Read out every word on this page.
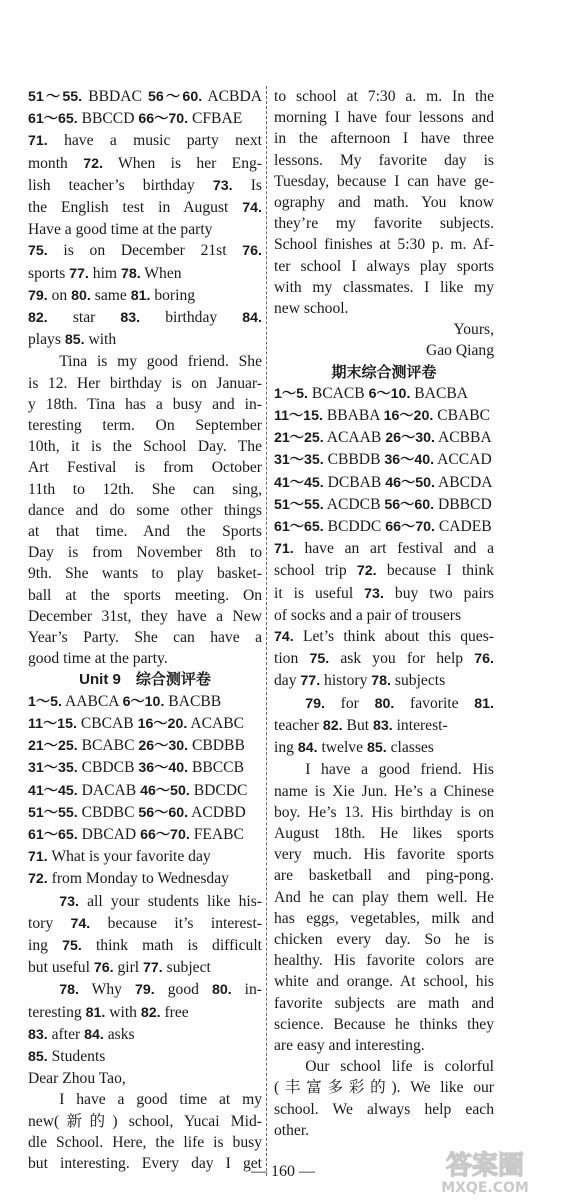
51～55. BBDAC 56～60. ACBDA
61～65. BBCCD 66～70. CFBAE
71. have a music party next
month 72. When is her Eng-
lish teacher’s birthday 73. Is
the English test in August 74.
Have a good time at the party
75. is on December 21st 76.
sports 77. him 78. When
79. on 80. same 81. boring
82. star 83. birthday 84.
plays 85. with
Tina is my good friend. She
is 12. Her birthday is on Januar-
y 18th. Tina has a busy and in-
teresting term. On September
10th, it is the School Day. The
Art Festival is from October
11th to 12th. She can sing,
dance and do some other things
at that time. And the Sports
Day is from November 8th to
9th. She wants to play basket-
ball at the sports meeting. On
December 31st, they have a New
Year’s Party. She can have a
good time at the party.
Unit 9　综合测评卷
1～5. AABCA 6～10. BACBB
11～15. CBCAB 16～20. ACABC
21～25. BCABC 26～30. CBDBB
31～35. CBDCB 36～40. BBCCB
41～45. DACAB 46～50. BDCDC
51～55. CBDBC 56～60. ACDBD
61～65. DBCAD 66～70. FEABC
71. What is your favorite day
72. from Monday to Wednesday
73. all your students like his-
tory 74. because it’s interest-
ing 75. think math is difficult
but useful 76. girl 77. subject
78. Why 79. good 80. in-
teresting 81. with 82. free
83. after 84. asks
85. Students
Dear Zhou Tao,
I have a good time at my
new(新的) school, Yucai Mid-
dle School. Here, the life is busy
but interesting. Every day I get
to school at 7:30 a. m. In the
morning I have four lessons and
in the afternoon I have three
lessons. My favorite day is
Tuesday, because I can have ge-
ography and math. You know
they’re my favorite subjects.
School finishes at 5:30 p. m. Af-
ter school I always play sports
with my classmates. I like my
new school.
Yours,
Gao Qiang
期末综合测评卷
1～5. BCACB 6～10. BACBA
11～15. BBABA 16～20. CBABC
21～25. ACAAB 26～30. ACBBA
31～35. CBBDB 36～40. ACCAD
41～45. DCBAB 46～50. ABCDA
51～55. ACDCB 56～60. DBBCD
61～65. BCDDC 66～70. CADEB
71. have an art festival and a
school trip 72. because I think
it is useful 73. buy two pairs
of socks and a pair of trousers
74. Let’s think about this ques-
tion 75. ask you for help 76.
day 77. history 78. subjects
79. for 80. favorite 81.
teacher 82. But 83. interest-
ing 84. twelve 85. classes
I have a good friend. His
name is Xie Jun. He’s a Chinese
boy. He’s 13. His birthday is on
August 18th. He likes sports
very much. His favorite sports
are basketball and ping-pong.
And he can play them well. He
has eggs, vegetables, milk and
chicken every day. So he is
healthy. His favorite colors are
white and orange. At school, his
favorite subjects are math and
science. Because he thinks they
are easy and interesting.
Our school life is colorful
(丰富多彩的). We like our
school. We always help each
other.
— 160 —	答案圈
MXQE.COM
